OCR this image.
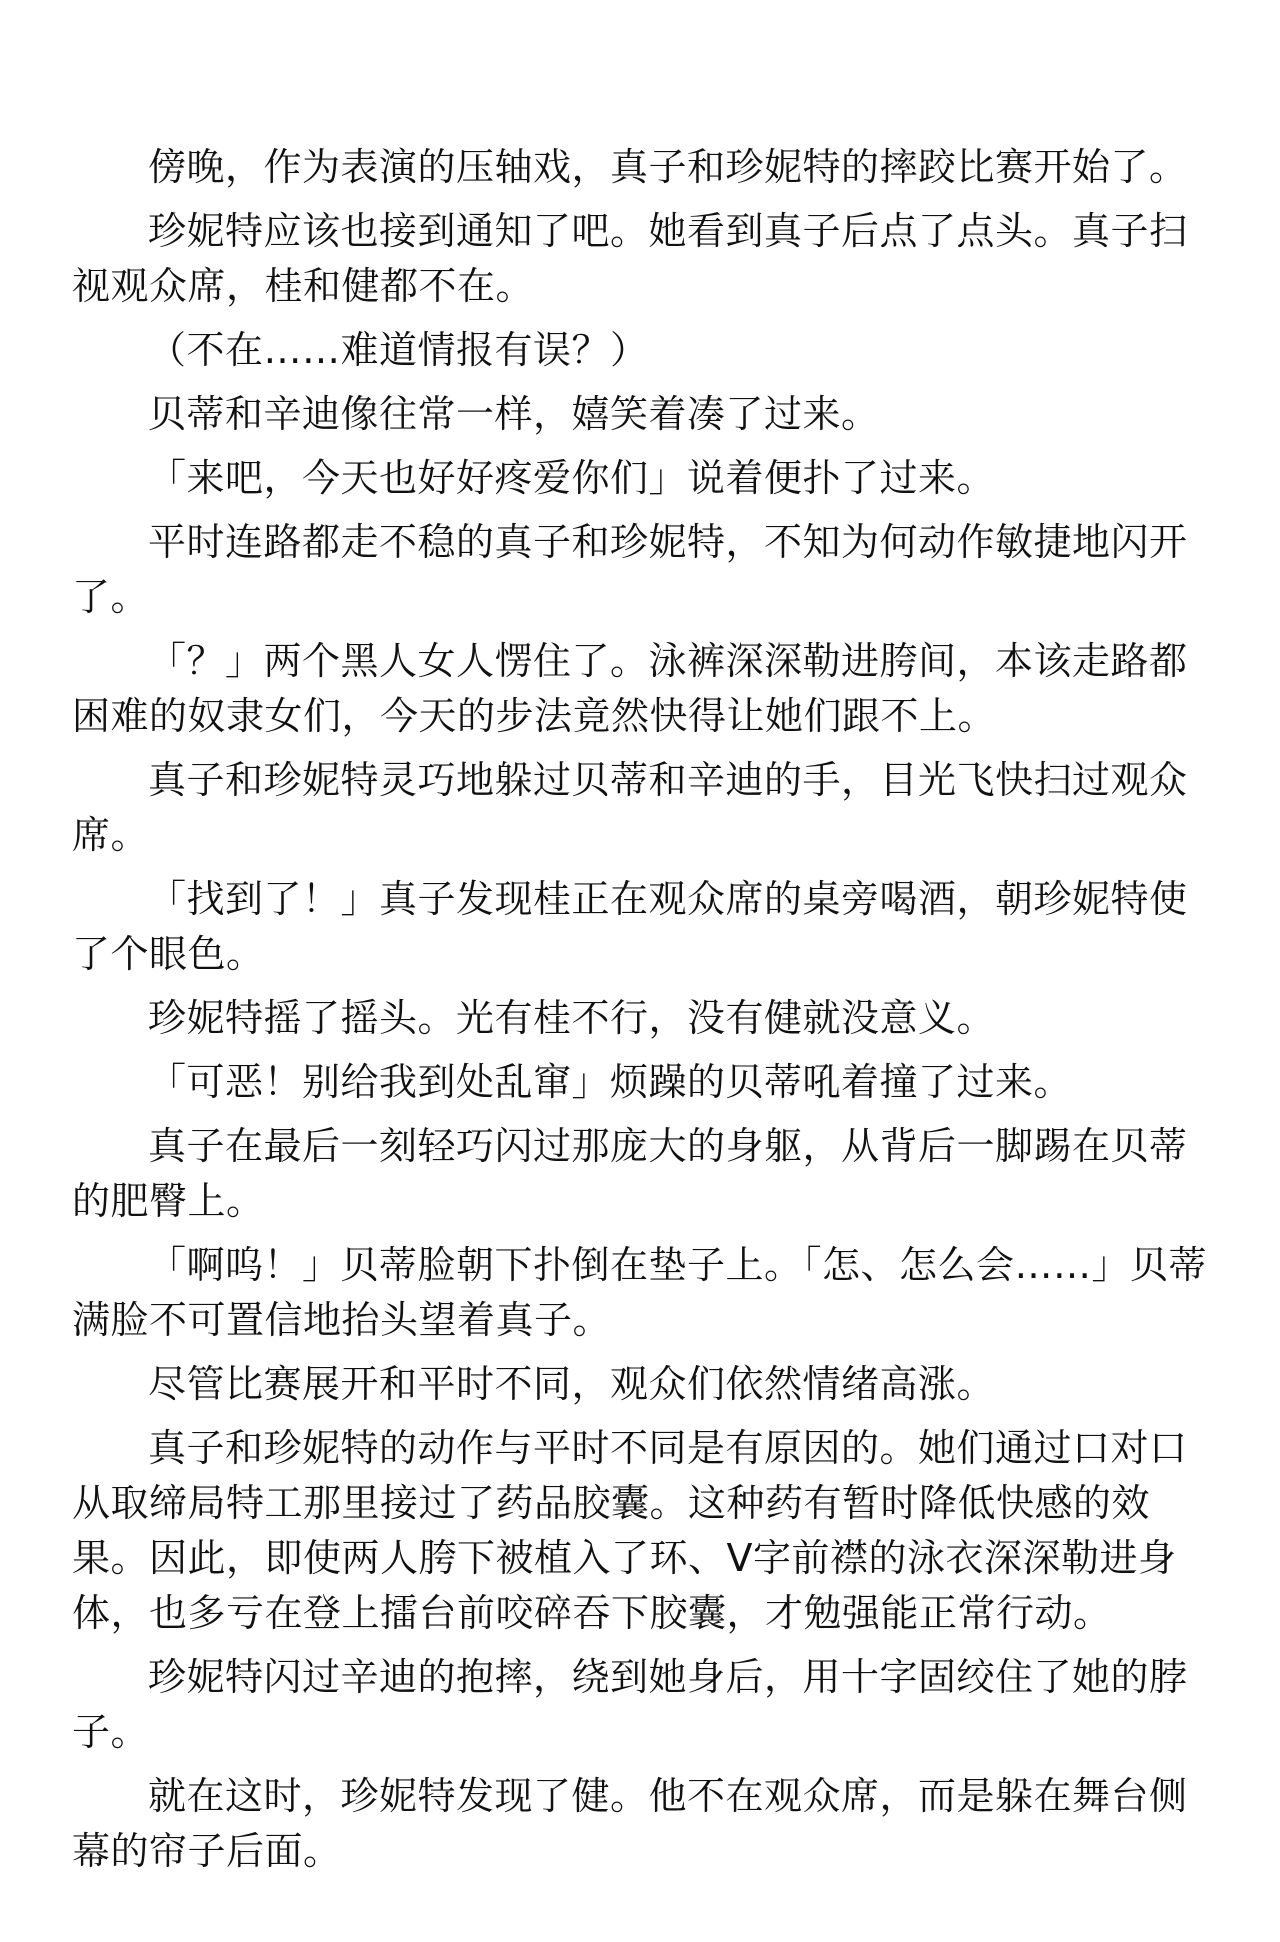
傍晚，作为表演的压轴戏，真子和珍妮特的摔跤比赛开始了。

珍妮特应该也接到通知了吧。她看到真子后点了点头。真子扫视观众席，桂和健都不在。

（不在……难道情报有误？）

贝蒂和辛迪像往常一样，嬉笑着凑了过来。

「来吧，今天也好好疼爱你们」说着便扑了过来。

平时连路都走不稳的真子和珍妮特，不知为何动作敏捷地闪开了。

「？」两个黑人女人愣住了。泳裤深深勒进胯间，本该走路都困难的奴隶女们，今天的步法竟然快得让她们跟不上。

真子和珍妮特灵巧地躲过贝蒂和辛迪的手，目光飞快扫过观众席。

「找到了！」真子发现桂正在观众席的桌旁喝酒，朝珍妮特使了个眼色。

珍妮特摇了摇头。光有桂不行，没有健就没意义。

「可恶！别给我到处乱窜」烦躁的贝蒂吼着撞了过来。

真子在最后一刻轻巧闪过那庞大的身躯，从背后一脚踢在贝蒂的肥臀上。

「啊呜！」贝蒂脸朝下扑倒在垫子上。「怎、怎么会……」贝蒂满脸不可置信地抬头望着真子。

尽管比赛展开和平时不同，观众们依然情绪高涨。

真子和珍妮特的动作与平时不同是有原因的。她们通过口对口从取缔局特工那里接过了药品胶囊。这种药有暂时降低快感的效果。因此，即使两人胯下被植入了环、V字前襟的泳衣深深勒进身体，也多亏在登上擂台前咬碎吞下胶囊，才勉强能正常行动。

珍妮特闪过辛迪的抱摔，绕到她身后，用十字固绞住了她的脖子。

就在这时，珍妮特发现了健。他不在观众席，而是躲在舞台侧幕的帘子后面。
